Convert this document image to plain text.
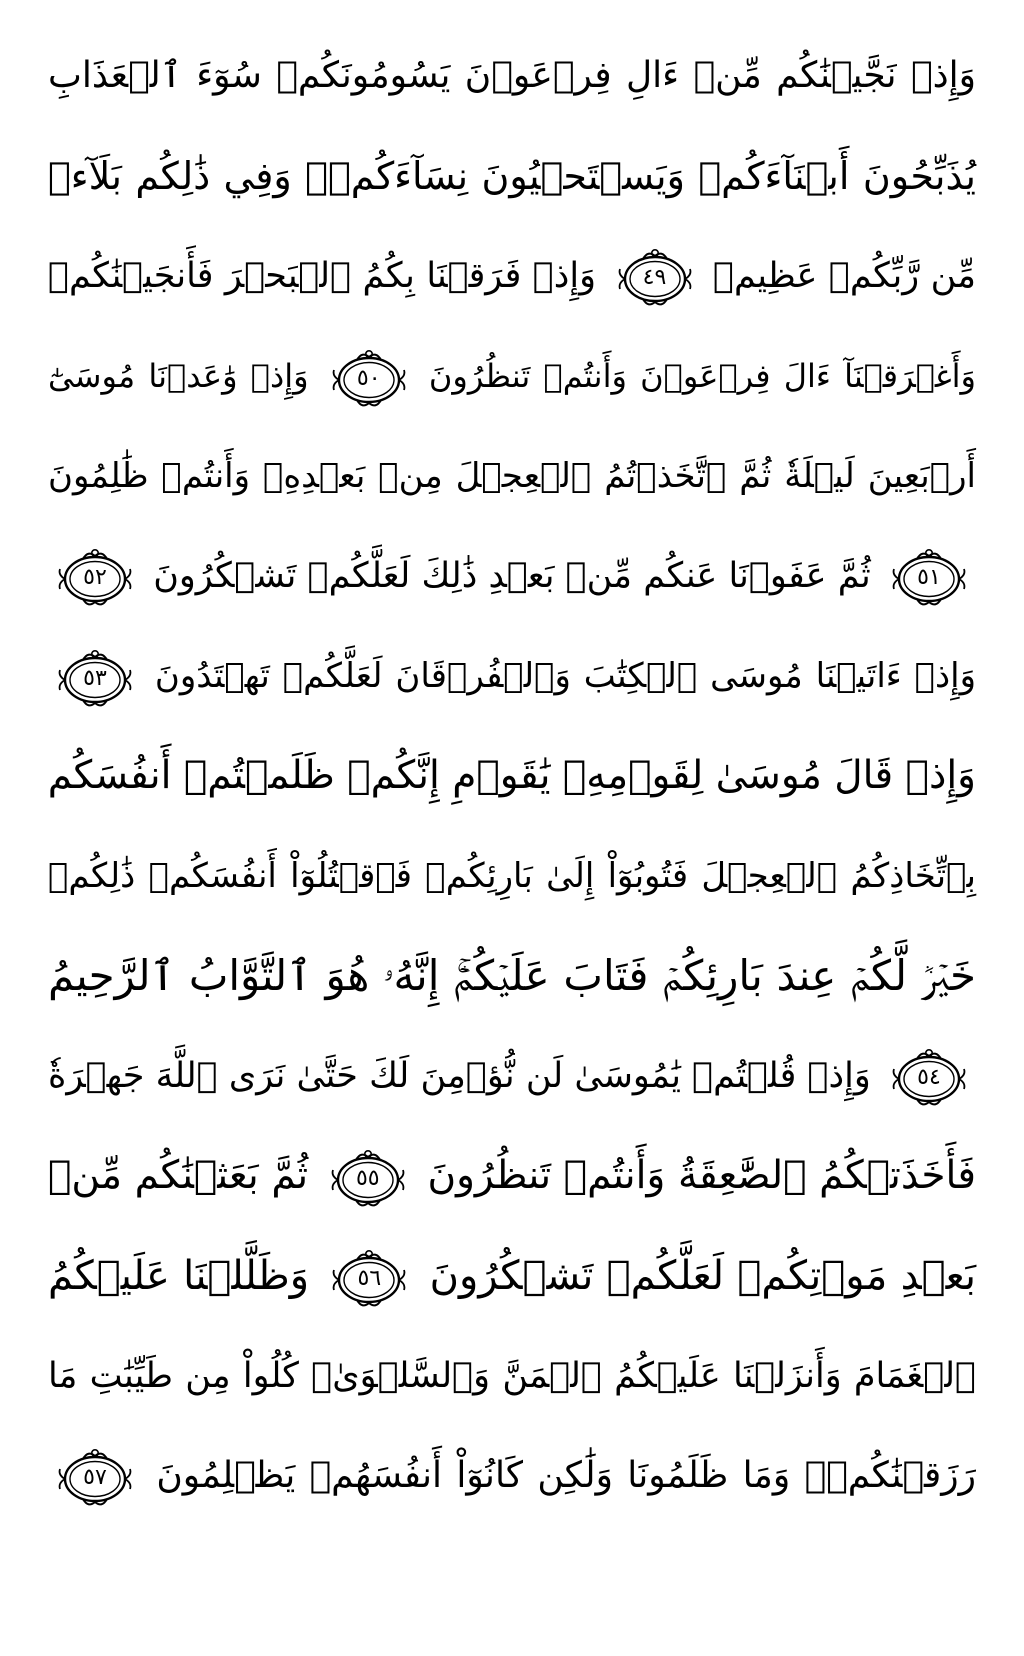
وَإِذۡ نَجَّيۡنَٰكُم مِّنۡ ءَالِ فِرۡعَوۡنَ يَسُومُونَكُمۡ سُوٓءَ ٱلۡعَذَابِ
يُذَبِّحُونَ أَبۡنَآءَكُمۡ وَيَسۡتَحۡيُونَ نِسَآءَكُمۡۚ وَفِي ذَٰلِكُم بَلَآءٞ
مِّن رَّبِّكُمۡ عَظِيمٞ
٤٩
وَإِذۡ فَرَقۡنَا بِكُمُ ٱلۡبَحۡرَ فَأَنجَيۡنَٰكُمۡ
وَأَغۡرَقۡنَآ ءَالَ فِرۡعَوۡنَ وَأَنتُمۡ تَنظُرُونَ
٥٠
وَإِذۡ وَٰعَدۡنَا مُوسَىٰٓ
أَرۡبَعِينَ لَيۡلَةٗ ثُمَّ ٱتَّخَذۡتُمُ ٱلۡعِجۡلَ مِنۢ بَعۡدِهِۦ وَأَنتُمۡ ظَٰلِمُونَ
٥١
ثُمَّ عَفَوۡنَا عَنكُم مِّنۢ بَعۡدِ ذَٰلِكَ لَعَلَّكُمۡ تَشۡكُرُونَ
٥٢
وَإِذۡ ءَاتَيۡنَا مُوسَى ٱلۡكِتَٰبَ وَٱلۡفُرۡقَانَ لَعَلَّكُمۡ تَهۡتَدُونَ
٥٣
وَإِذۡ قَالَ مُوسَىٰ لِقَوۡمِهِۦ يَٰقَوۡمِ إِنَّكُمۡ ظَلَمۡتُمۡ أَنفُسَكُم
بِٱتِّخَاذِكُمُ ٱلۡعِجۡلَ فَتُوبُوٓاْ إِلَىٰ بَارِئِكُمۡ فَٱقۡتُلُوٓاْ أَنفُسَكُمۡ ذَٰلِكُمۡ
خَيۡرٞ لَّكُمۡ عِندَ بَارِئِكُمۡ فَتَابَ عَلَيۡكُمۡۚ إِنَّهُۥ هُوَ ٱلتَّوَّابُ ٱلرَّحِيمُ
٥٤
وَإِذۡ قُلۡتُمۡ يَٰمُوسَىٰ لَن نُّؤۡمِنَ لَكَ حَتَّىٰ نَرَى ٱللَّهَ جَهۡرَةٗ
فَأَخَذَتۡكُمُ ٱلصَّٰعِقَةُ وَأَنتُمۡ تَنظُرُونَ
٥٥
ثُمَّ بَعَثۡنَٰكُم مِّنۢ
بَعۡدِ مَوۡتِكُمۡ لَعَلَّكُمۡ تَشۡكُرُونَ
٥٦
وَظَلَّلۡنَا عَلَيۡكُمُ
ٱلۡغَمَامَ وَأَنزَلۡنَا عَلَيۡكُمُ ٱلۡمَنَّ وَٱلسَّلۡوَىٰۖ كُلُواْ مِن طَيِّبَٰتِ مَا
رَزَقۡنَٰكُمۡۖ وَمَا ظَلَمُونَا وَلَٰكِن كَانُوٓاْ أَنفُسَهُمۡ يَظۡلِمُونَ
٥٧
